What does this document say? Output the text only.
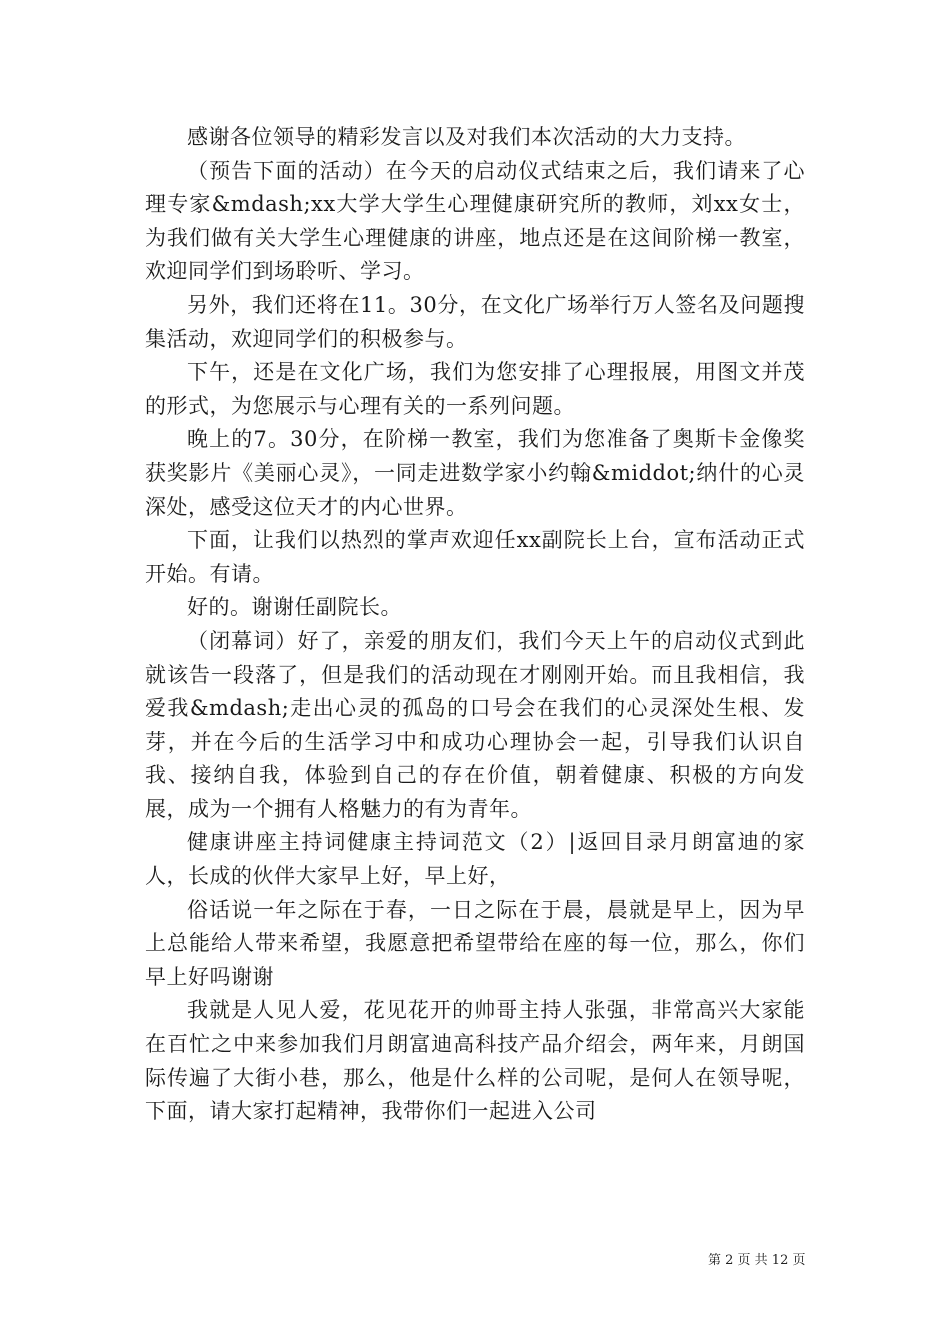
感谢各位领导的精彩发言以及对我们本次活动的大力支持。

（预告下面的活动）在今天的启动仪式结束之后，我们请来了心理专家&mdash;xx大学大学生心理健康研究所的教师，刘xx女士，为我们做有关大学生心理健康的讲座，地点还是在这间阶梯一教室，欢迎同学们到场聆听、学习。

另外，我们还将在11。30分，在文化广场举行万人签名及问题搜集活动，欢迎同学们的积极参与。

下午，还是在文化广场，我们为您安排了心理报展，用图文并茂的形式，为您展示与心理有关的一系列问题。

晚上的7。30分，在阶梯一教室，我们为您准备了奥斯卡金像奖获奖影片《美丽心灵》，一同走进数学家小约翰&middot;纳什的心灵深处，感受这位天才的内心世界。

下面，让我们以热烈的掌声欢迎任xx副院长上台，宣布活动正式开始。有请。

好的。谢谢任副院长。

（闭幕词）好了，亲爱的朋友们，我们今天上午的启动仪式到此就该告一段落了，但是我们的活动现在才刚刚开始。而且我相信，我爱我&mdash;走出心灵的孤岛的口号会在我们的心灵深处生根、发芽，并在今后的生活学习中和成功心理协会一起，引导我们认识自我、接纳自我，体验到自己的存在价值，朝着健康、积极的方向发展，成为一个拥有人格魅力的有为青年。

健康讲座主持词健康主持词范文（2）|返回目录月朗富迪的家人，长成的伙伴大家早上好，早上好，

俗话说一年之际在于春，一日之际在于晨，晨就是早上，因为早上总能给人带来希望，我愿意把希望带给在座的每一位，那么，你们早上好吗谢谢

我就是人见人爱，花见花开的帅哥主持人张强，非常高兴大家能在百忙之中来参加我们月朗富迪高科技产品介绍会，两年来，月朗国际传遍了大街小巷，那么，他是什么样的公司呢，是何人在领导呢，下面，请大家打起精神，我带你们一起进入公司

第 2 页 共 12 页
